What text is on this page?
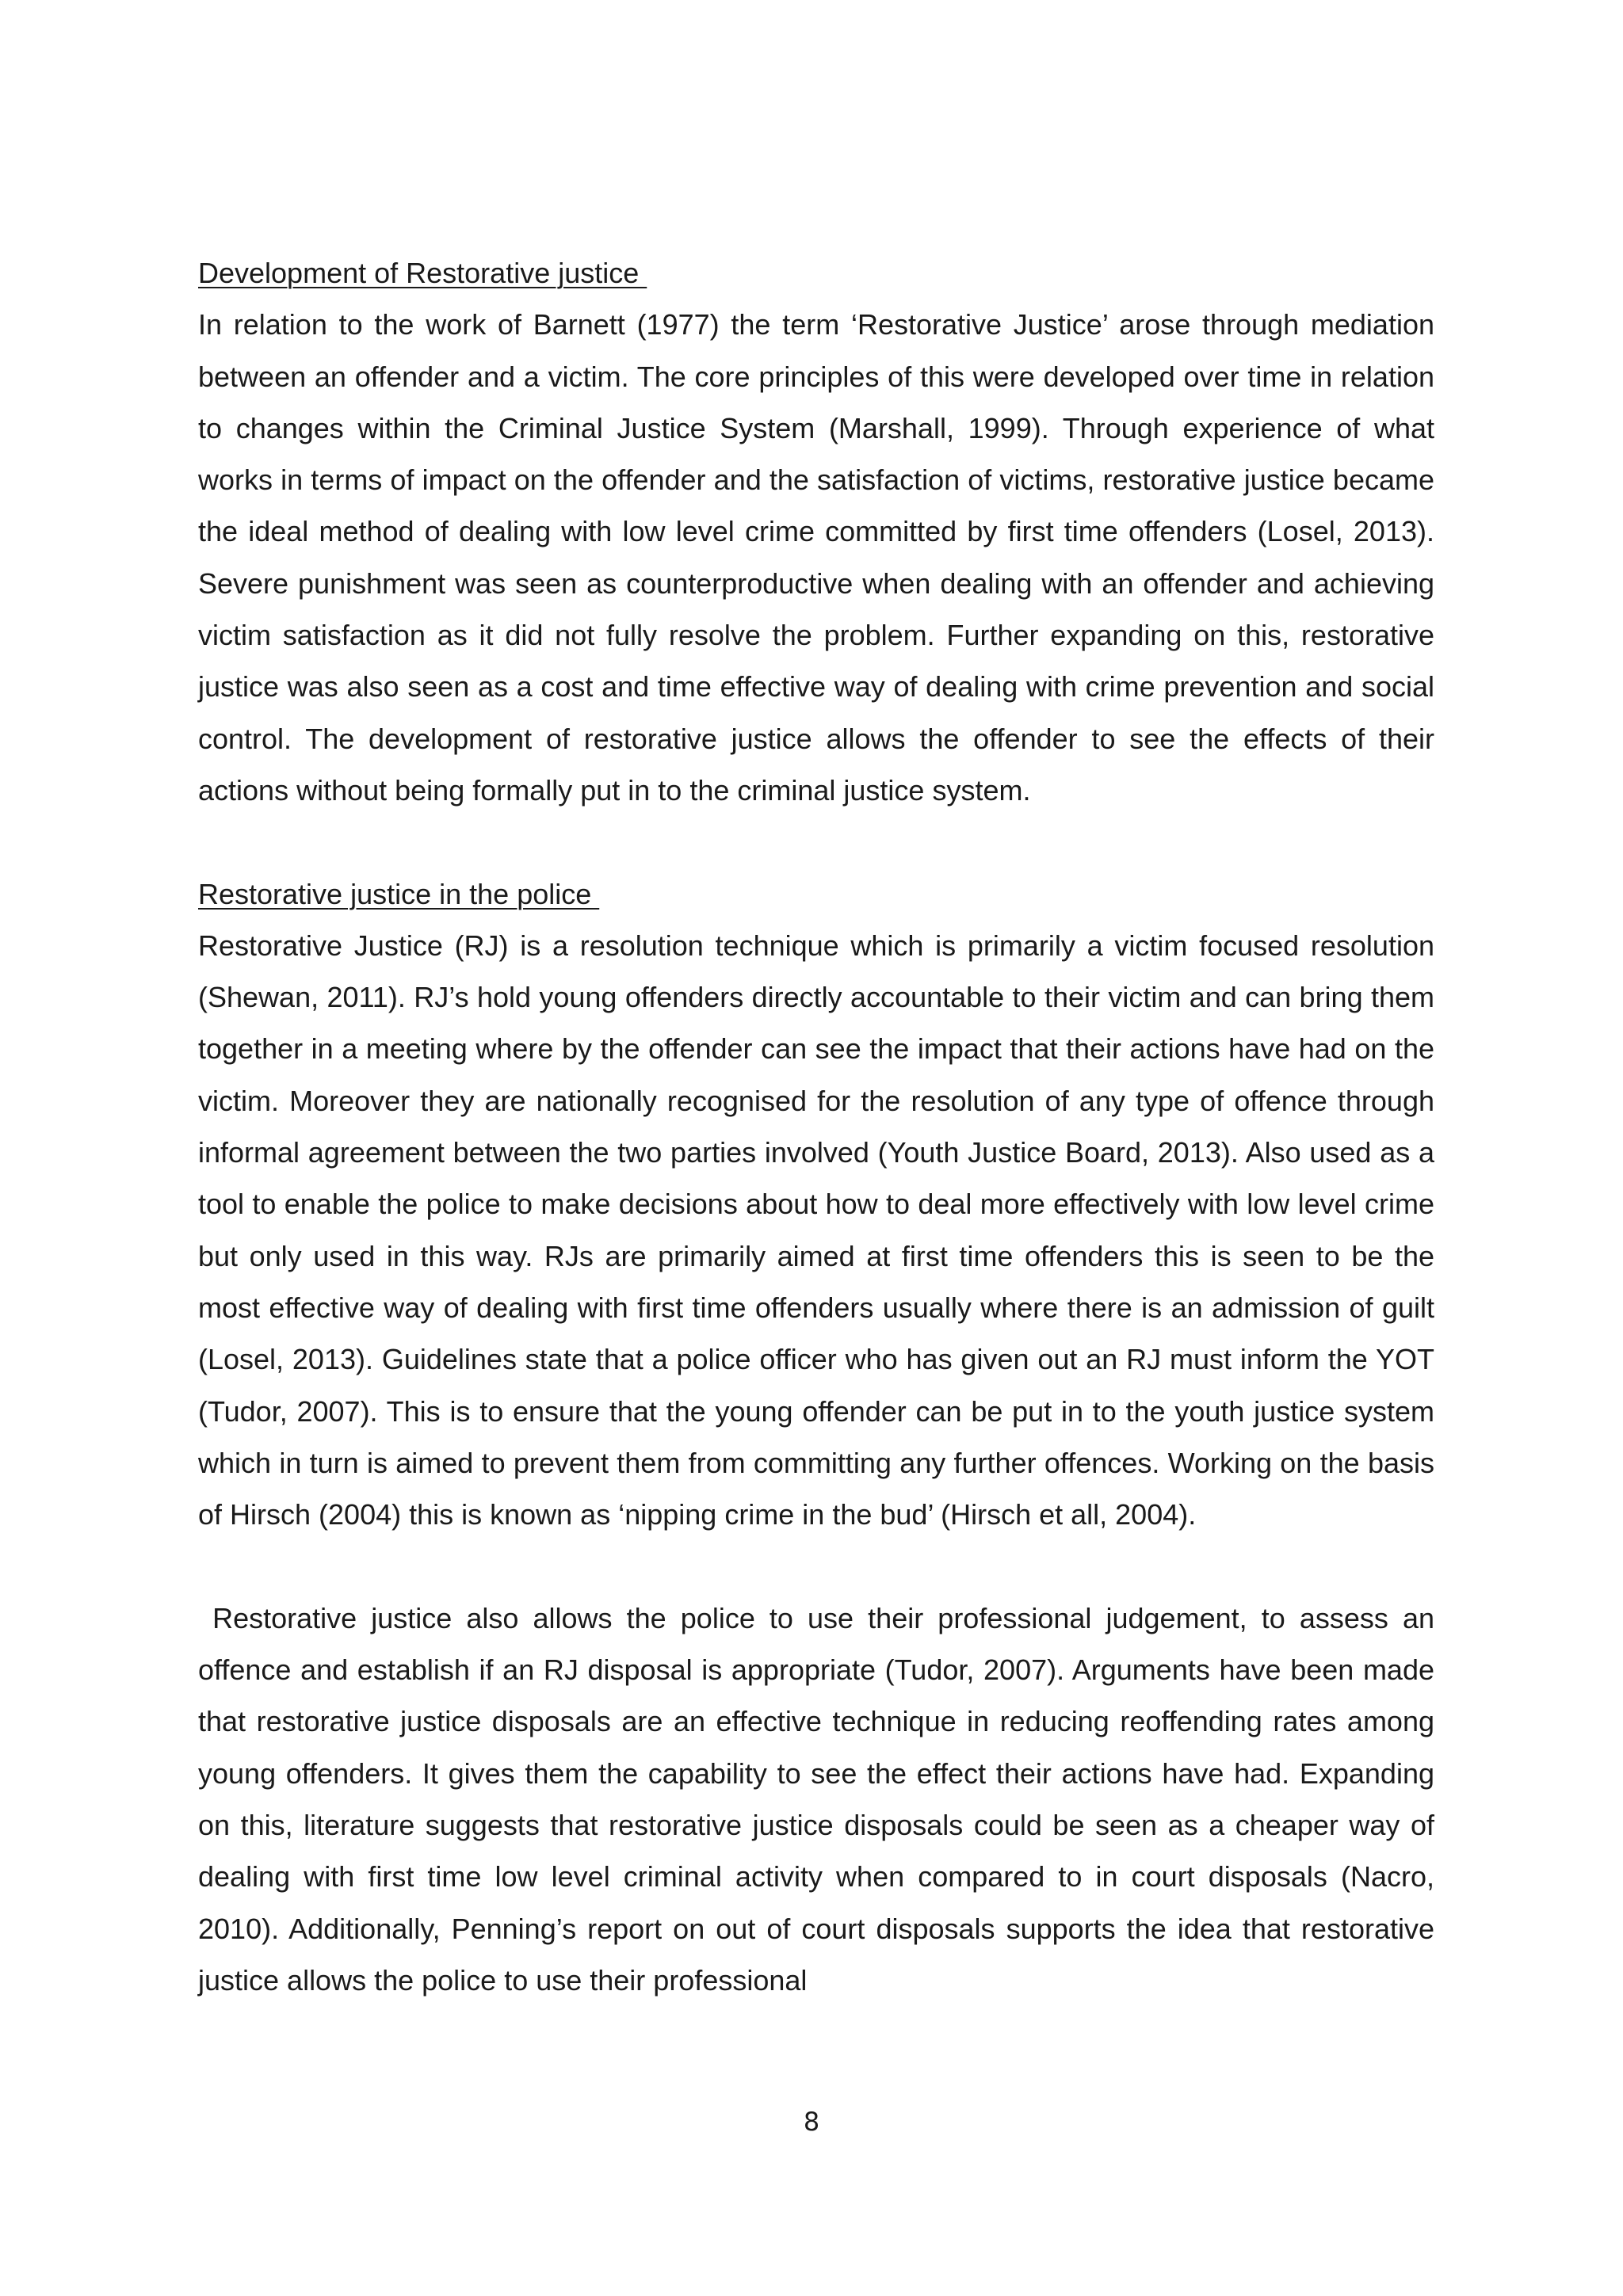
Development of Restorative justice

In relation to the work of Barnett (1977) the term ‘Restorative Justice’ arose through mediation between an offender and a victim. The core principles of this were developed over time in relation to changes within the Criminal Justice System (Marshall, 1999). Through experience of what works in terms of impact on the offender and the satisfaction of victims, restorative justice became the ideal method of dealing with low level crime committed by first time offenders (Losel, 2013). Severe punishment was seen as counterproductive when dealing with an offender and achieving victim satisfaction as it did not fully resolve the problem. Further expanding on this, restorative justice was also seen as a cost and time effective way of dealing with crime prevention and social control. The development of restorative justice allows the offender to see the effects of their actions without being formally put in to the criminal justice system.

Restorative justice in the police

Restorative Justice (RJ) is a resolution technique which is primarily a victim focused resolution (Shewan, 2011). RJ’s hold young offenders directly accountable to their victim and can bring them together in a meeting where by the offender can see the impact that their actions have had on the victim. Moreover they are nationally recognised for the resolution of any type of offence through informal agreement between the two parties involved (Youth Justice Board, 2013). Also used as a tool to enable the police to make decisions about how to deal more effectively with low level crime but only used in this way. RJs are primarily aimed at first time offenders this is seen to be the most effective way of dealing with first time offenders usually where there is an admission of guilt (Losel, 2013). Guidelines state that a police officer who has given out an RJ must inform the YOT (Tudor, 2007). This is to ensure that the young offender can be put in to the youth justice system which in turn is aimed to prevent them from committing any further offences. Working on the basis of Hirsch (2004) this is known as ‘nipping crime in the bud’ (Hirsch et all, 2004).

Restorative justice also allows the police to use their professional judgement, to assess an offence and establish if an RJ disposal is appropriate (Tudor, 2007). Arguments have been made that restorative justice disposals are an effective technique in reducing reoffending rates among young offenders. It gives them the capability to see the effect their actions have had. Expanding on this, literature suggests that restorative justice disposals could be seen as a cheaper way of dealing with first time low level criminal activity when compared to in court disposals (Nacro, 2010). Additionally, Penning’s report on out of court disposals supports the idea that restorative justice allows the police to use their professional

8
